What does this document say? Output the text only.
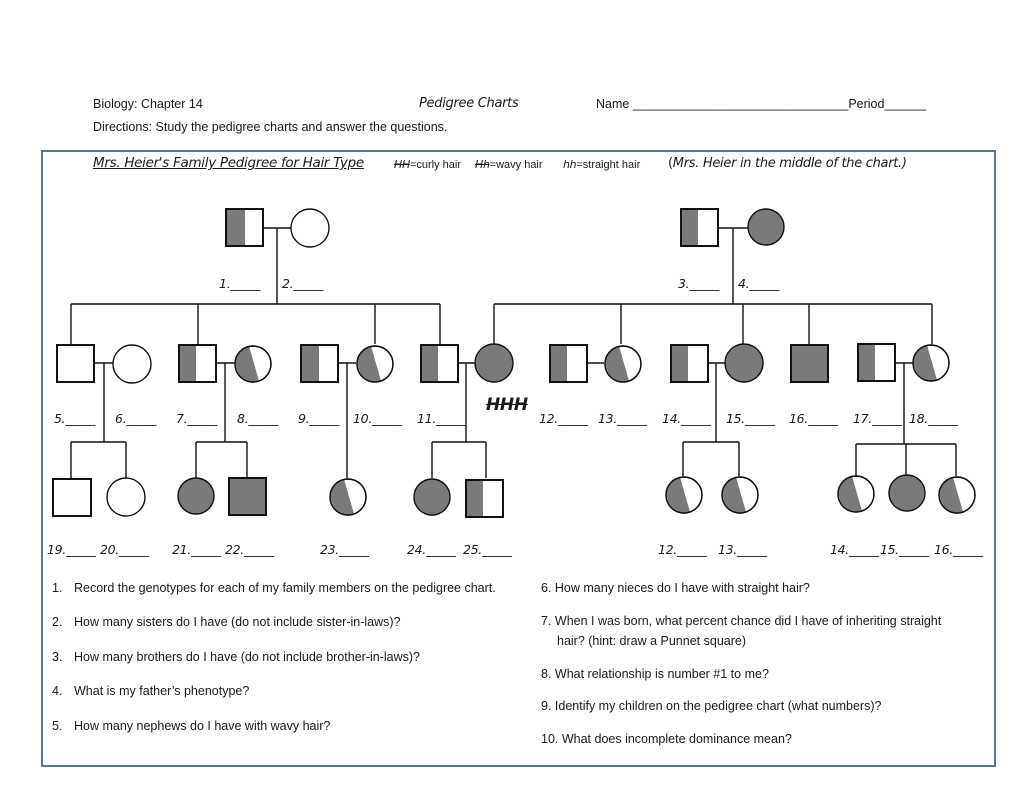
Biology: Chapter 14	Pedigree Charts	Name _______________________________Period______
Directions: Study the pedigree charts and answer the questions.
Mrs. Heier's Family Pedigree for Hair Type	HH=curly hair Hh=wavy hair hh=straight hair (Mrs. Heier in the middle of the chart.)
HHH
1._____ 2._____	3._____ 4._____
5._____ 6._____ 7._____ 8._____ 9._____ 10._____ 11._____	12._____ 13._____ 14._____ 15._____ 16._____ 17._____ 18._____
19._____ 20._____ 21._____ 22._____	23._____	24._____ 25._____	12._____ 13._____	14._____ 15._____ 16._____
1. Record the genotypes for each of my family members on the pedigree chart.
2. How many sisters do I have (do not include sister-in-laws)?
3. How many brothers do I have (do not include brother-in-laws)?
4. What is my father’s phenotype?
5. How many nephews do I have with wavy hair?
6. How many nieces do I have with straight hair?
7. When I was born, what percent chance did I have of inheriting straight
hair? (hint: draw a Punnet square)
8. What relationship is number #1 to me?
9. Identify my children on the pedigree chart (what numbers)?
10. What does incomplete dominance mean?
